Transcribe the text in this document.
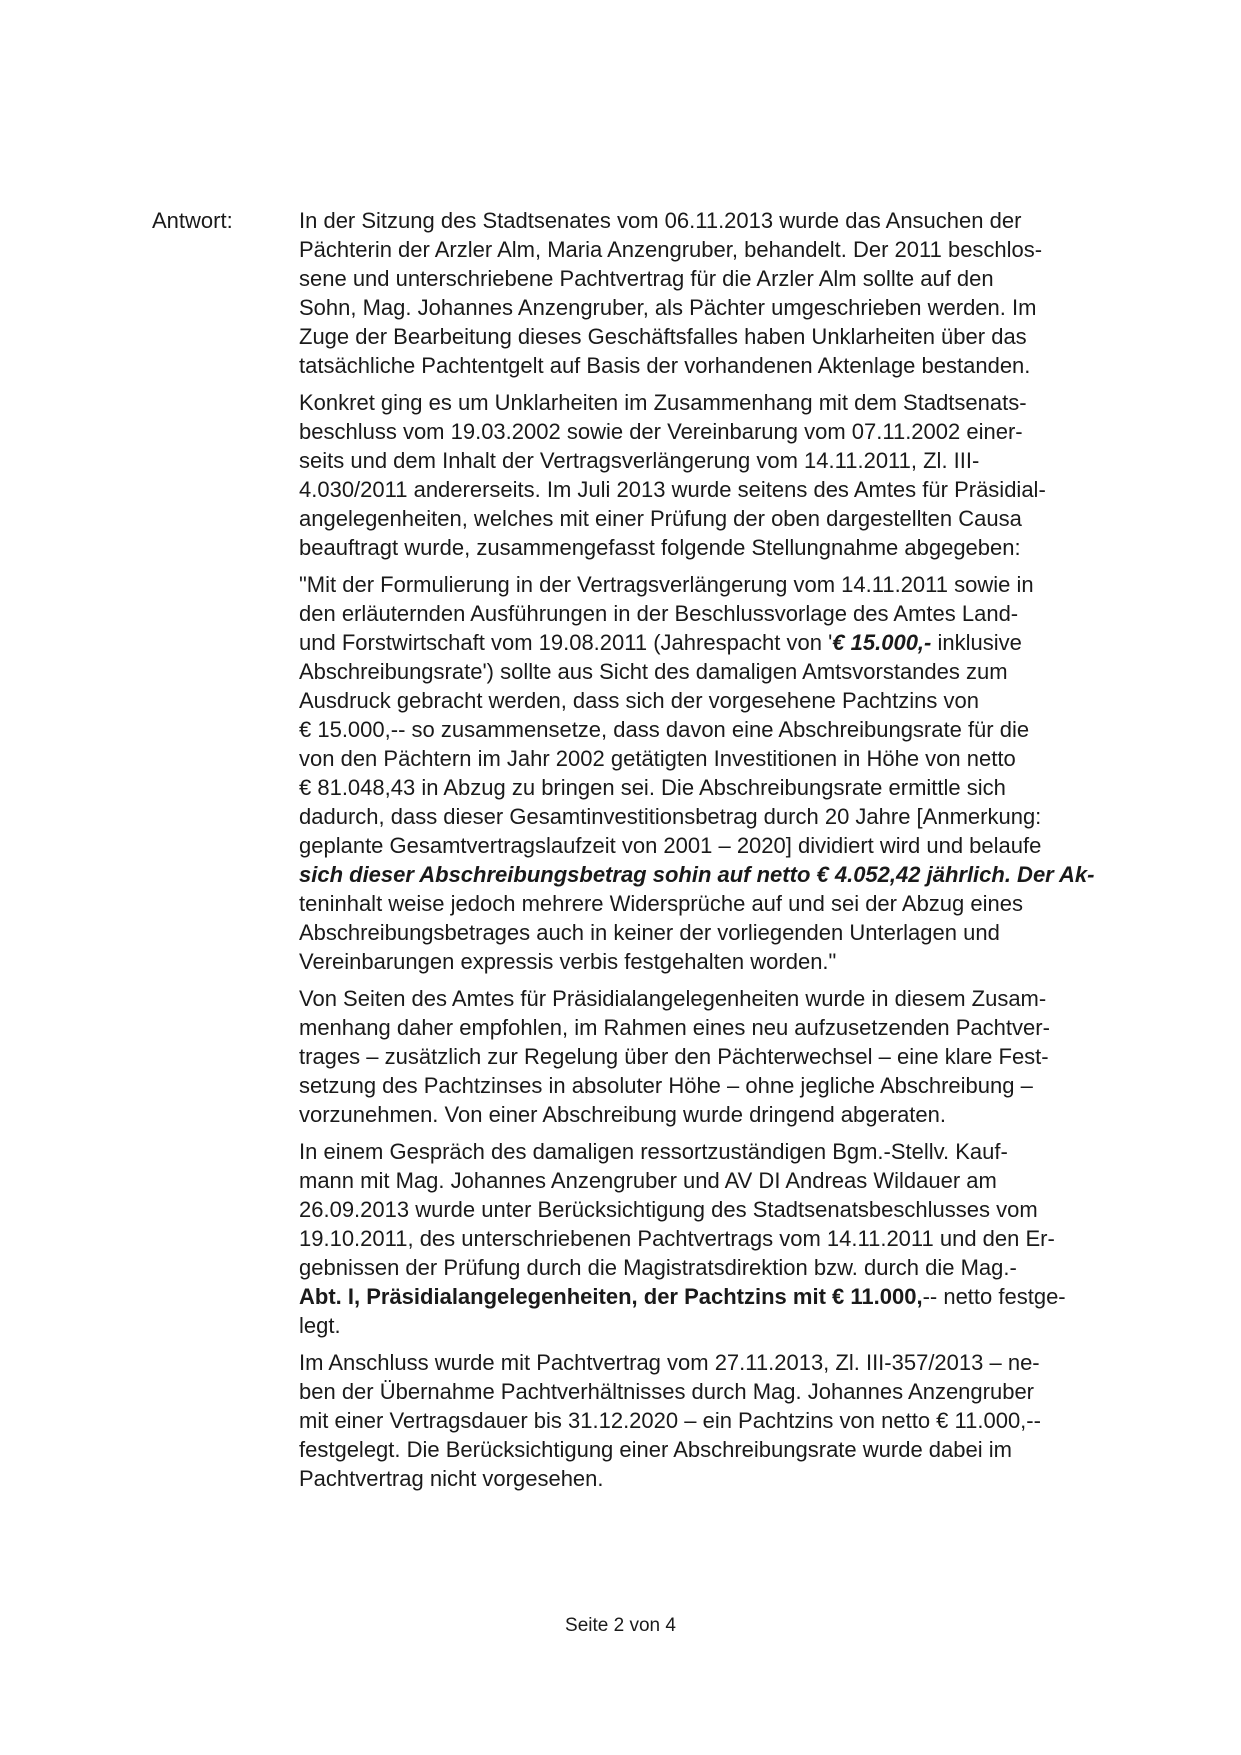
Antwort:	In der Sitzung des Stadtsenates vom 06.11.2013 wurde das Ansuchen der
Pächterin der Arzler Alm, Maria Anzengruber, behandelt. Der 2011 beschlos-
sene und unterschriebene Pachtvertrag für die Arzler Alm sollte auf den
Sohn, Mag. Johannes Anzengruber, als Pächter umgeschrieben werden. Im
Zuge der Bearbeitung dieses Geschäftsfalles haben Unklarheiten über das
tatsächliche Pachtentgelt auf Basis der vorhandenen Aktenlage bestanden.
Konkret ging es um Unklarheiten im Zusammenhang mit dem Stadtsenats-
beschluss vom 19.03.2002 sowie der Vereinbarung vom 07.11.2002 einer-
seits und dem Inhalt der Vertragsverlängerung vom 14.11.2011, Zl. III-
4.030/2011 andererseits. Im Juli 2013 wurde seitens des Amtes für Präsidial-
angelegenheiten, welches mit einer Prüfung der oben dargestellten Causa
beauftragt wurde, zusammengefasst folgende Stellungnahme abgegeben:
"Mit der Formulierung in der Vertragsverlängerung vom 14.11.2011 sowie in
den erläuternden Ausführungen in der Beschlussvorlage des Amtes Land-
und Forstwirtschaft vom 19.08.2011 (Jahrespacht von '€ 15.000,- inklusive
Abschreibungsrate') sollte aus Sicht des damaligen Amtsvorstandes zum
Ausdruck gebracht werden, dass sich der vorgesehene Pachtzins von
€ 15.000,-- so zusammensetze, dass davon eine Abschreibungsrate für die
von den Pächtern im Jahr 2002 getätigten Investitionen in Höhe von netto
€ 81.048,43 in Abzug zu bringen sei. Die Abschreibungsrate ermittle sich
dadurch, dass dieser Gesamtinvestitionsbetrag durch 20 Jahre [Anmerkung:
geplante Gesamtvertragslaufzeit von 2001 – 2020] dividiert wird und belaufe
sich dieser Abschreibungsbetrag sohin auf netto € 4.052,42 jährlich. Der Ak-
teninhalt weise jedoch mehrere Widersprüche auf und sei der Abzug eines
Abschreibungsbetrages auch in keiner der vorliegenden Unterlagen und
Vereinbarungen expressis verbis festgehalten worden."
Von Seiten des Amtes für Präsidialangelegenheiten wurde in diesem Zusam-
menhang daher empfohlen, im Rahmen eines neu aufzusetzenden Pachtver-
trages – zusätzlich zur Regelung über den Pächterwechsel – eine klare Fest-
setzung des Pachtzinses in absoluter Höhe – ohne jegliche Abschreibung –
vorzunehmen. Von einer Abschreibung wurde dringend abgeraten.
In einem Gespräch des damaligen ressortzuständigen Bgm.-Stellv. Kauf-
mann mit Mag. Johannes Anzengruber und AV DI Andreas Wildauer am
26.09.2013 wurde unter Berücksichtigung des Stadtsenatsbeschlusses vom
19.10.2011, des unterschriebenen Pachtvertrags vom 14.11.2011 und den Er-
gebnissen der Prüfung durch die Magistratsdirektion bzw. durch die Mag.-
Abt. I, Präsidialangelegenheiten, der Pachtzins mit € 11.000,-- netto festge-
legt.
Im Anschluss wurde mit Pachtvertrag vom 27.11.2013, Zl. III-357/2013 – ne-
ben der Übernahme Pachtverhältnisses durch Mag. Johannes Anzengruber
mit einer Vertragsdauer bis 31.12.2020 – ein Pachtzins von netto € 11.000,--
festgelegt. Die Berücksichtigung einer Abschreibungsrate wurde dabei im
Pachtvertrag nicht vorgesehen.
Seite 2 von 4
